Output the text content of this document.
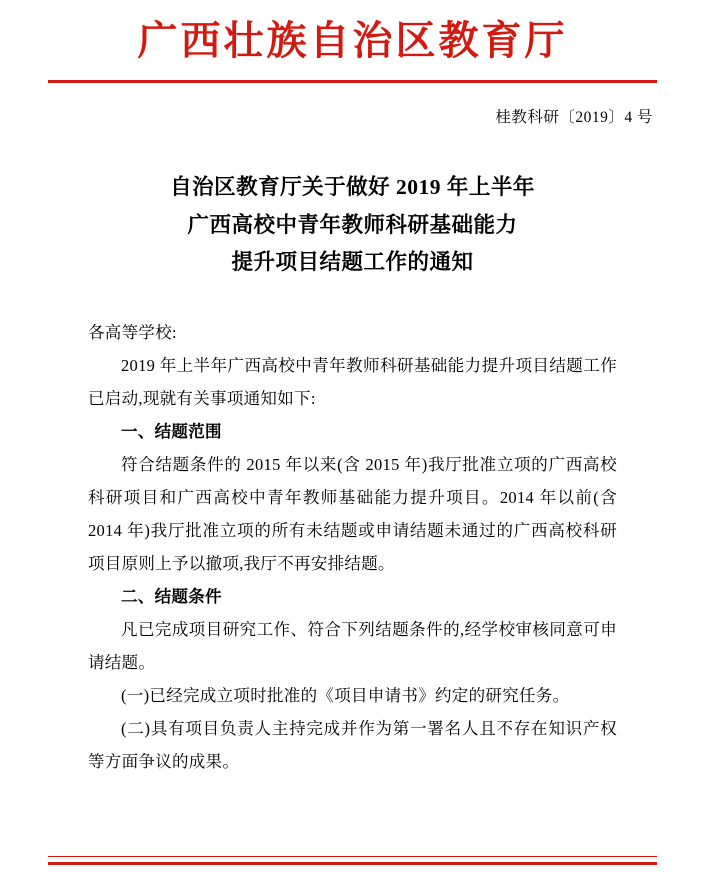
广西壮族自治区教育厅
桂教科研〔2019〕4 号
自治区教育厅关于做好 2019 年上半年
广西高校中青年教师科研基础能力
提升项目结题工作的通知

各高等学校:

2019 年上半年广西高校中青年教师科研基础能力提升项目结题工作已启动,现就有关事项通知如下:

一、结题范围

符合结题条件的 2015 年以来(含 2015 年)我厅批准立项的广西高校科研项目和广西高校中青年教师基础能力提升项目。2014 年以前(含 2014 年)我厅批准立项的所有未结题或申请结题未通过的广西高校科研项目原则上予以撤项,我厅不再安排结题。

二、结题条件

凡已完成项目研究工作、符合下列结题条件的,经学校审核同意可申请结题。

(一)已经完成立项时批准的《项目申请书》约定的研究任务。

(二)具有项目负责人主持完成并作为第一署名人且不存在知识产权等方面争议的成果。
